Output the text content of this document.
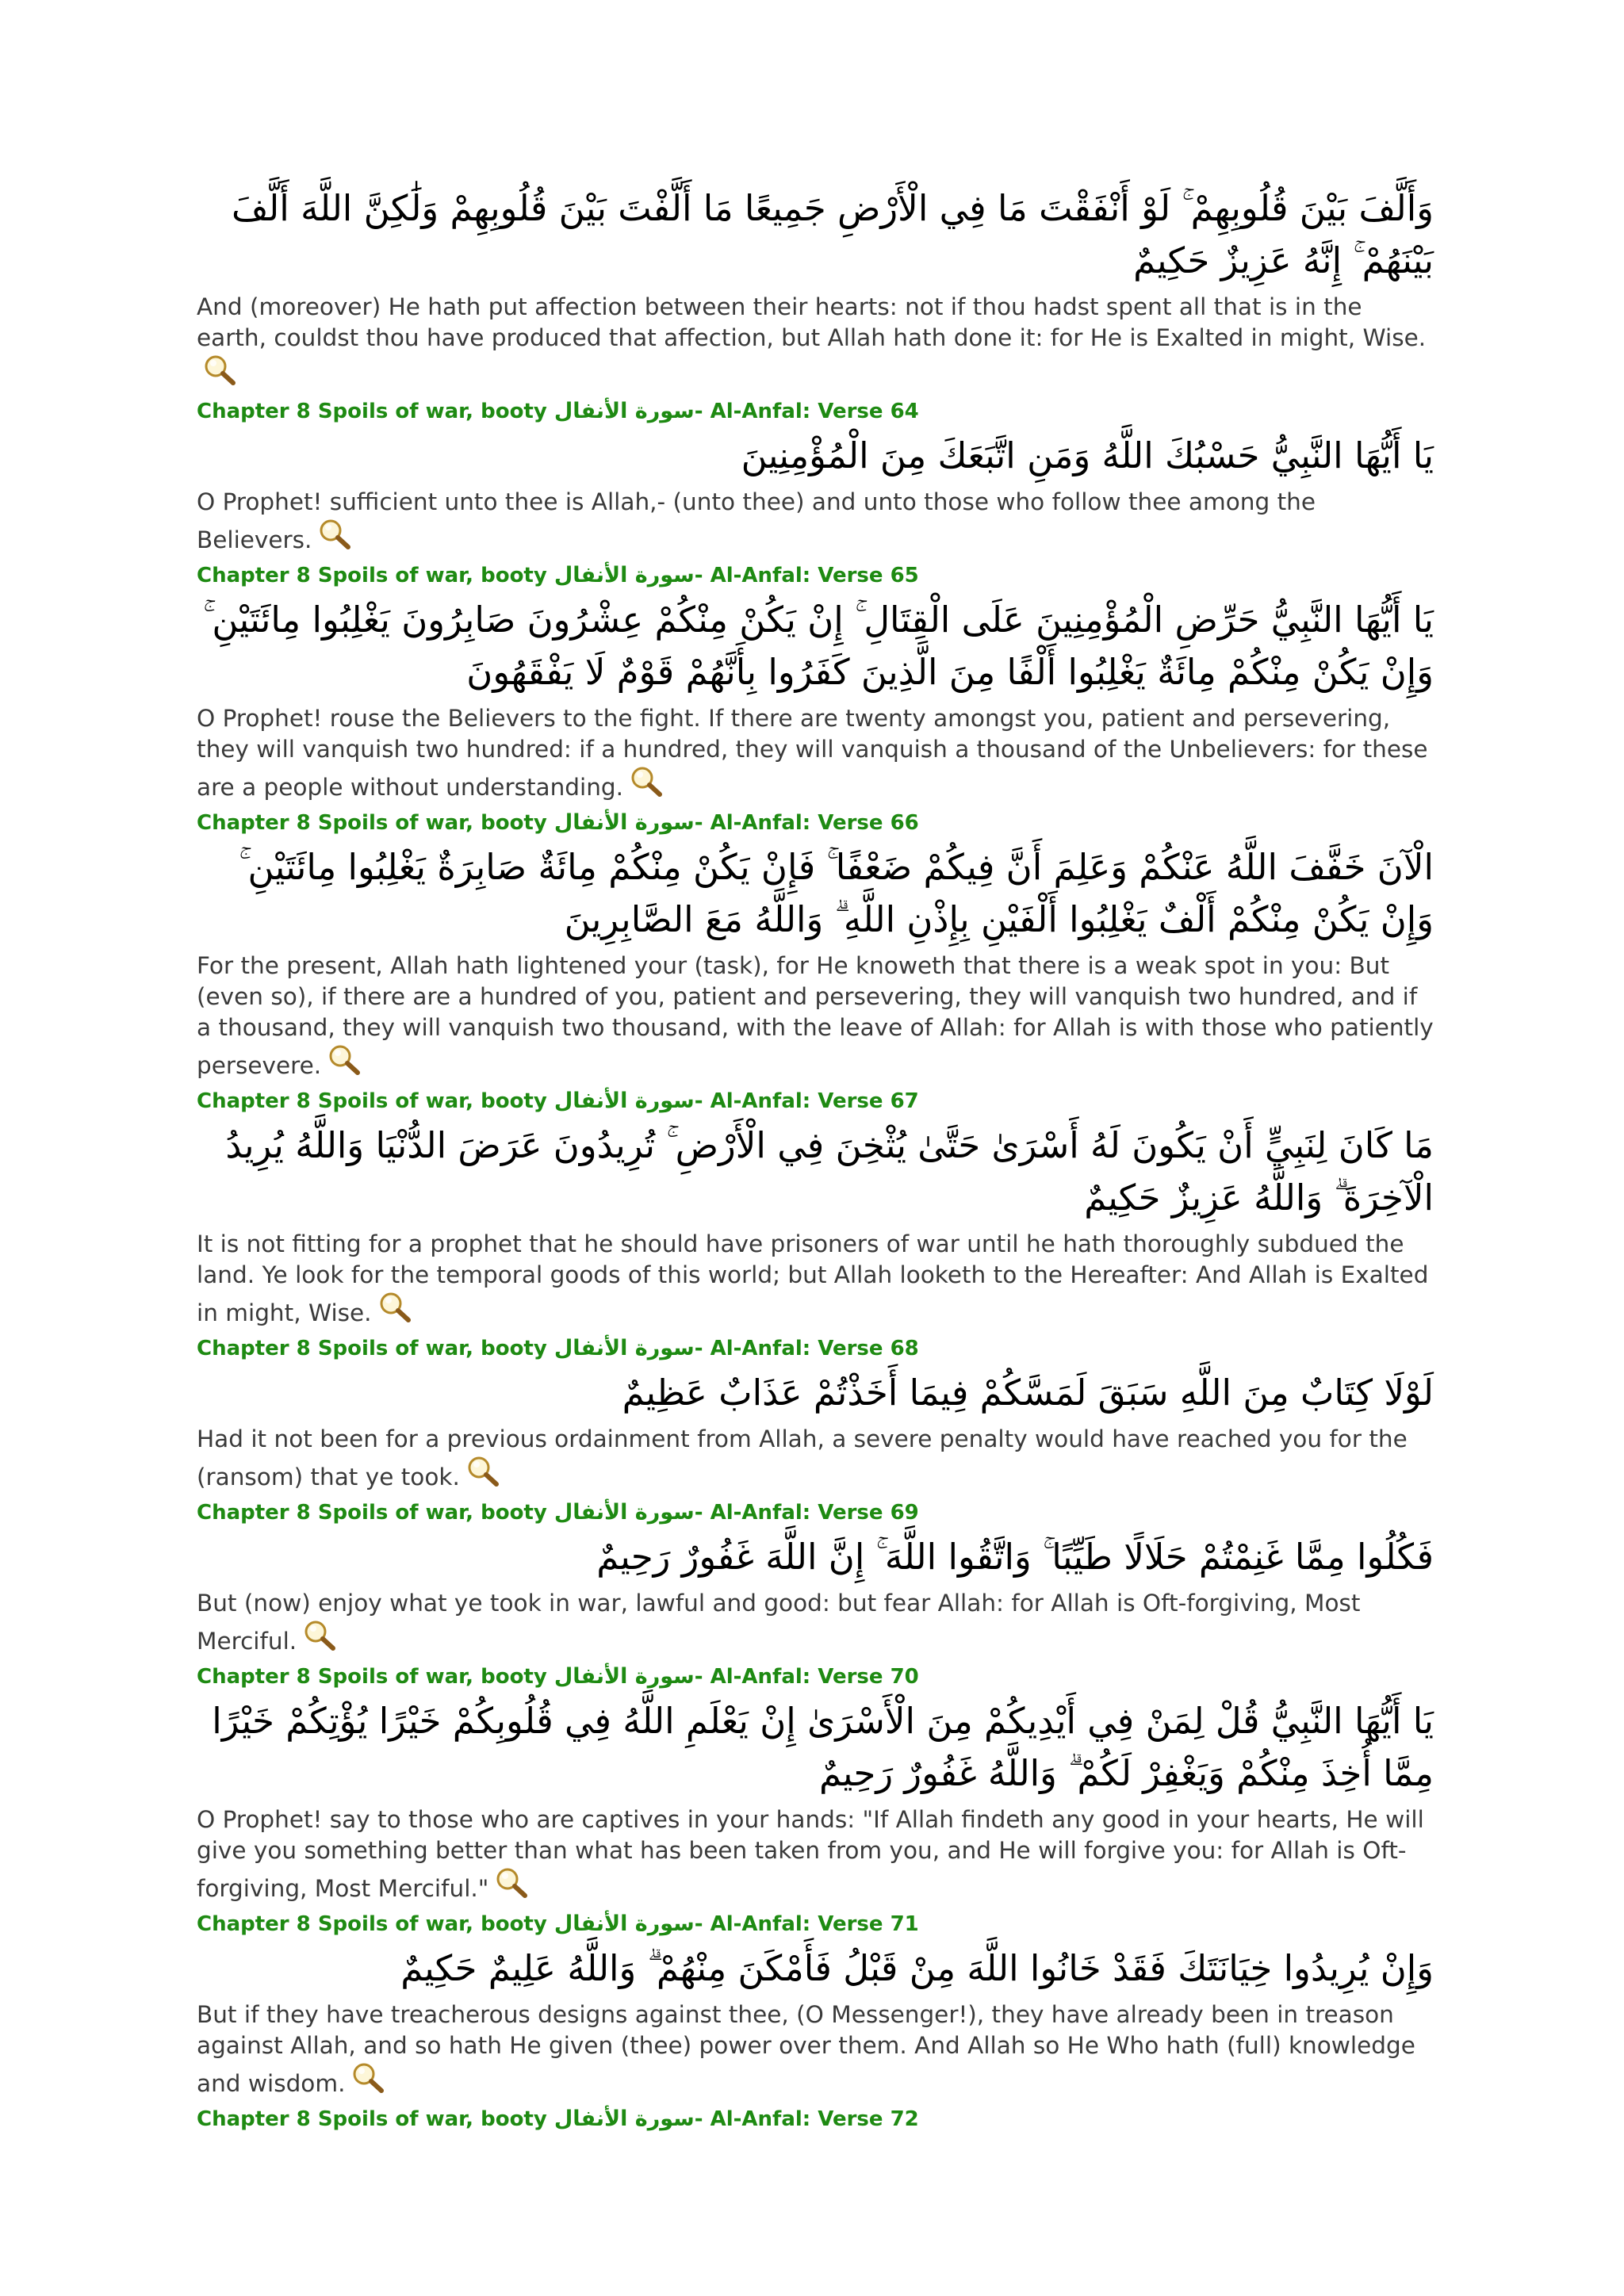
وَأَلَّفَ بَيْنَ قُلُوبِهِمْ ۚ لَوْ أَنْفَقْتَ مَا فِي الْأَرْضِ جَمِيعًا مَا أَلَّفْتَ بَيْنَ قُلُوبِهِمْ وَلَٰكِنَّ اللَّهَ أَلَّفَ بَيْنَهُمْ ۚ إِنَّهُ عَزِيزٌ حَكِيمٌ

And (moreover) He hath put affection between their hearts: not if thou hadst spent all that is in the earth, couldst thou have produced that affection, but Allah hath done it: for He is Exalted in might, Wise.

Chapter 8 Spoils of war, booty سورة الأنفال- Al-Anfal: Verse 64

يَا أَيُّهَا النَّبِيُّ حَسْبُكَ اللَّهُ وَمَنِ اتَّبَعَكَ مِنَ الْمُؤْمِنِينَ

O Prophet! sufficient unto thee is Allah,- (unto thee) and unto those who follow thee among the Believers.

Chapter 8 Spoils of war, booty سورة الأنفال- Al-Anfal: Verse 65

يَا أَيُّهَا النَّبِيُّ حَرِّضِ الْمُؤْمِنِينَ عَلَى الْقِتَالِ ۚ إِنْ يَكُنْ مِنْكُمْ عِشْرُونَ صَابِرُونَ يَغْلِبُوا مِائَتَيْنِ ۚ وَإِنْ يَكُنْ مِنْكُمْ مِائَةٌ يَغْلِبُوا أَلْفًا مِنَ الَّذِينَ كَفَرُوا بِأَنَّهُمْ قَوْمٌ لَا يَفْقَهُونَ

O Prophet! rouse the Believers to the fight. If there are twenty amongst you, patient and persevering, they will vanquish two hundred: if a hundred, they will vanquish a thousand of the Unbelievers: for these are a people without understanding.

Chapter 8 Spoils of war, booty سورة الأنفال- Al-Anfal: Verse 66

الْآنَ خَفَّفَ اللَّهُ عَنْكُمْ وَعَلِمَ أَنَّ فِيكُمْ ضَعْفًا ۚ فَإِنْ يَكُنْ مِنْكُمْ مِائَةٌ صَابِرَةٌ يَغْلِبُوا مِائَتَيْنِ ۚ وَإِنْ يَكُنْ مِنْكُمْ أَلْفٌ يَغْلِبُوا أَلْفَيْنِ بِإِذْنِ اللَّهِ ۗ وَاللَّهُ مَعَ الصَّابِرِينَ

For the present, Allah hath lightened your (task), for He knoweth that there is a weak spot in you: But (even so), if there are a hundred of you, patient and persevering, they will vanquish two hundred, and if a thousand, they will vanquish two thousand, with the leave of Allah: for Allah is with those who patiently persevere.

Chapter 8 Spoils of war, booty سورة الأنفال- Al-Anfal: Verse 67

مَا كَانَ لِنَبِيٍّ أَنْ يَكُونَ لَهُ أَسْرَىٰ حَتَّىٰ يُثْخِنَ فِي الْأَرْضِ ۚ تُرِيدُونَ عَرَضَ الدُّنْيَا وَاللَّهُ يُرِيدُ الْآخِرَةَ ۗ وَاللَّهُ عَزِيزٌ حَكِيمٌ

It is not fitting for a prophet that he should have prisoners of war until he hath thoroughly subdued the land. Ye look for the temporal goods of this world; but Allah looketh to the Hereafter: And Allah is Exalted in might, Wise.

Chapter 8 Spoils of war, booty سورة الأنفال- Al-Anfal: Verse 68

لَوْلَا كِتَابٌ مِنَ اللَّهِ سَبَقَ لَمَسَّكُمْ فِيمَا أَخَذْتُمْ عَذَابٌ عَظِيمٌ

Had it not been for a previous ordainment from Allah, a severe penalty would have reached you for the (ransom) that ye took.

Chapter 8 Spoils of war, booty سورة الأنفال- Al-Anfal: Verse 69

فَكُلُوا مِمَّا غَنِمْتُمْ حَلَالًا طَيِّبًا ۚ وَاتَّقُوا اللَّهَ ۚ إِنَّ اللَّهَ غَفُورٌ رَحِيمٌ

But (now) enjoy what ye took in war, lawful and good: but fear Allah: for Allah is Oft-forgiving, Most Merciful.

Chapter 8 Spoils of war, booty سورة الأنفال- Al-Anfal: Verse 70

يَا أَيُّهَا النَّبِيُّ قُلْ لِمَنْ فِي أَيْدِيكُمْ مِنَ الْأَسْرَىٰ إِنْ يَعْلَمِ اللَّهُ فِي قُلُوبِكُمْ خَيْرًا يُؤْتِكُمْ خَيْرًا مِمَّا أُخِذَ مِنْكُمْ وَيَغْفِرْ لَكُمْ ۗ وَاللَّهُ غَفُورٌ رَحِيمٌ

O Prophet! say to those who are captives in your hands: "If Allah findeth any good in your hearts, He will give you something better than what has been taken from you, and He will forgive you: for Allah is Oft-forgiving, Most Merciful."

Chapter 8 Spoils of war, booty سورة الأنفال- Al-Anfal: Verse 71

وَإِنْ يُرِيدُوا خِيَانَتَكَ فَقَدْ خَانُوا اللَّهَ مِنْ قَبْلُ فَأَمْكَنَ مِنْهُمْ ۗ وَاللَّهُ عَلِيمٌ حَكِيمٌ

But if they have treacherous designs against thee, (O Messenger!), they have already been in treason against Allah, and so hath He given (thee) power over them. And Allah so He Who hath (full) knowledge and wisdom.

Chapter 8 Spoils of war, booty سورة الأنفال- Al-Anfal: Verse 72
